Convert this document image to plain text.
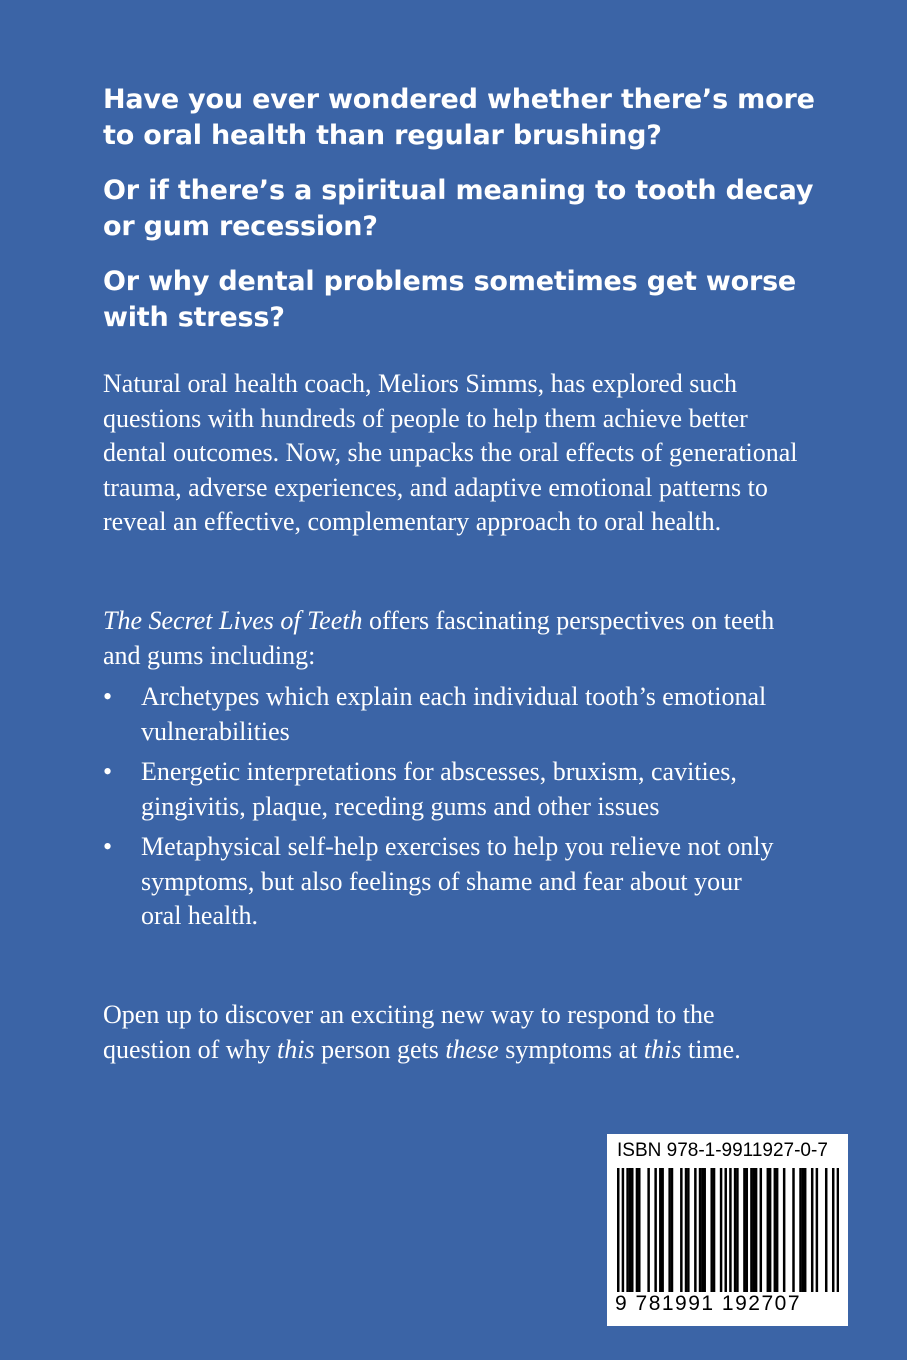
Have you ever wondered whether there’s more to oral health than regular brushing?

Or if there’s a spiritual meaning to tooth decay or gum recession?

Or why dental problems sometimes get worse with stress?

Natural oral health coach, Meliors Simms, has explored such questions with hundreds of people to help them achieve better dental outcomes. Now, she unpacks the oral effects of generational trauma, adverse experiences, and adaptive emotional patterns to reveal an effective, complementary approach to oral health.

The Secret Lives of Teeth offers fascinating perspectives on teeth and gums including:

• Archetypes which explain each individual tooth’s emotional vulnerabilities
• Energetic interpretations for abscesses, bruxism, cavities, gingivitis, plaque, receding gums and other issues
• Metaphysical self-help exercises to help you relieve not only symptoms, but also feelings of shame and fear about your oral health.

Open up to discover an exciting new way to respond to the question of why this person gets these symptoms at this time.

ISBN 978-1-9911927-0-7
9 781991 192707
